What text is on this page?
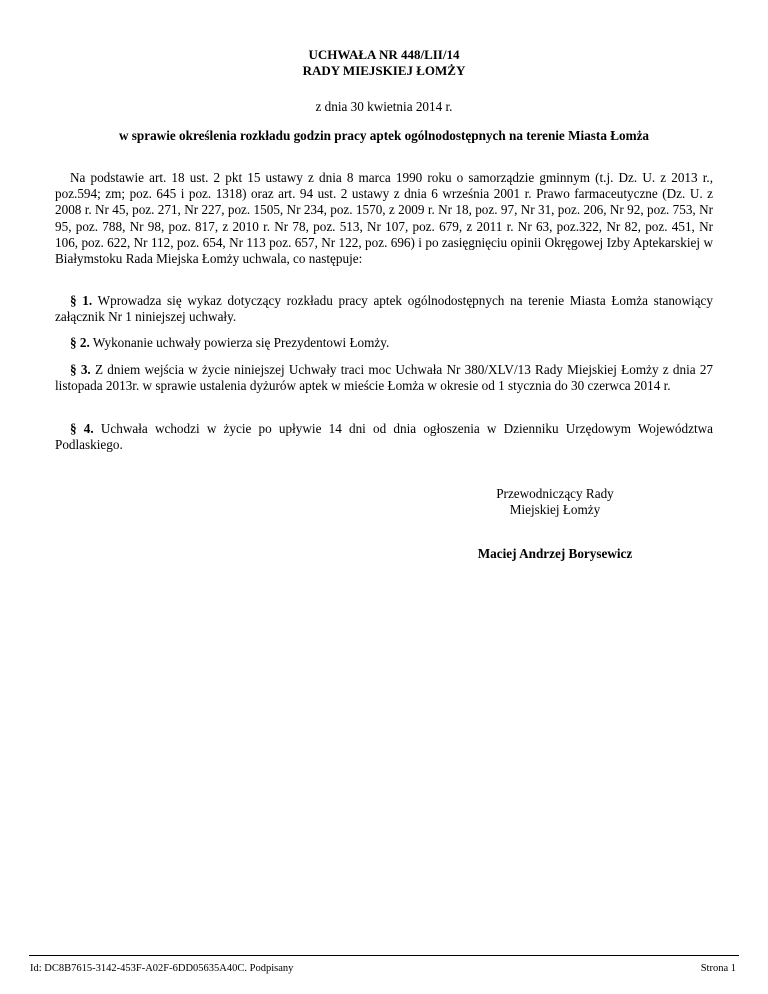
UCHWAŁA NR 448/LII/14
RADY MIEJSKIEJ ŁOMŻY
z dnia 30 kwietnia 2014 r.
w sprawie określenia rozkładu godzin pracy aptek ogólnodostępnych na terenie Miasta Łomża
Na podstawie art. 18 ust. 2 pkt 15 ustawy z dnia 8 marca 1990 roku o samorządzie gminnym (t.j. Dz. U. z 2013 r., poz.594; zm; poz. 645 i poz. 1318) oraz art. 94 ust. 2 ustawy z dnia 6 września 2001 r. Prawo farmaceutyczne (Dz. U. z 2008 r. Nr 45, poz. 271, Nr 227, poz. 1505, Nr 234, poz. 1570, z 2009 r. Nr 18, poz. 97, Nr 31, poz. 206, Nr 92, poz. 753, Nr 95, poz. 788, Nr 98, poz. 817, z 2010 r. Nr 78, poz. 513, Nr 107, poz. 679, z 2011 r. Nr 63, poz.322, Nr 82, poz. 451, Nr 106, poz. 622, Nr 112, poz. 654, Nr 113 poz. 657, Nr 122, poz. 696) i po zasięgnięciu opinii Okręgowej Izby Aptekarskiej w Białymstoku Rada Miejska Łomży uchwala, co następuje:
§ 1. Wprowadza się wykaz dotyczący rozkładu pracy aptek ogólnodostępnych na terenie Miasta Łomża stanowiący załącznik Nr 1 niniejszej uchwały.
§ 2. Wykonanie uchwały powierza się Prezydentowi Łomży.
§ 3. Z dniem wejścia w życie niniejszej Uchwały traci moc Uchwała Nr 380/XLV/13 Rady Miejskiej Łomży z dnia 27 listopada 2013r. w sprawie ustalenia dyżurów aptek w mieście Łomża w okresie od 1 stycznia do 30 czerwca 2014 r.
§ 4. Uchwała wchodzi w życie po upływie 14 dni od dnia ogłoszenia w Dzienniku Urzędowym Województwa Podlaskiego.
Przewodniczący Rady
Miejskiej Łomży
Maciej Andrzej Borysewicz
Id: DC8B7615-3142-453F-A02F-6DD05635A40C. Podpisany	Strona 1
